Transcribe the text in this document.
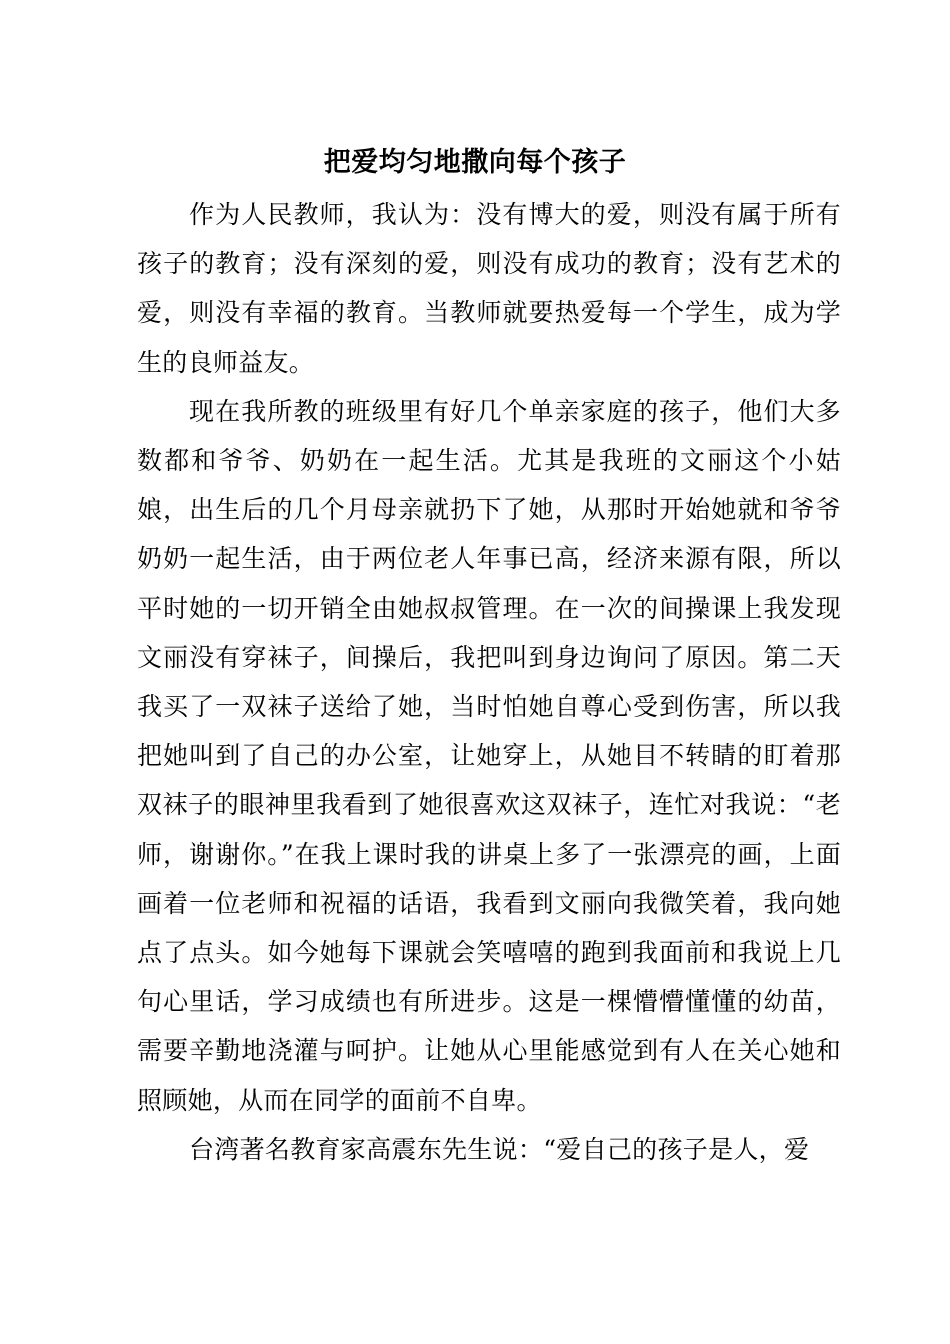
把爱均匀地撒向每个孩子

作为人民教师，我认为：没有博大的爱，则没有属于所有孩子的教育；没有深刻的爱，则没有成功的教育；没有艺术的爱，则没有幸福的教育。当教师就要热爱每一个学生，成为学生的良师益友。

现在我所教的班级里有好几个单亲家庭的孩子，他们大多数都和爷爷、奶奶在一起生活。尤其是我班的文丽这个小姑娘，出生后的几个月母亲就扔下了她，从那时开始她就和爷爷奶奶一起生活，由于两位老人年事已高，经济来源有限，所以平时她的一切开销全由她叔叔管理。在一次的间操课上我发现文丽没有穿袜子，间操后，我把叫到身边询问了原因。第二天我买了一双袜子送给了她，当时怕她自尊心受到伤害，所以我把她叫到了自己的办公室，让她穿上，从她目不转睛的盯着那双袜子的眼神里我看到了她很喜欢这双袜子，连忙对我说：“老师，谢谢你。”在我上课时我的讲桌上多了一张漂亮的画，上面画着一位老师和祝福的话语，我看到文丽向我微笑着，我向她点了点头。如今她每下课就会笑嘻嘻的跑到我面前和我说上几句心里话，学习成绩也有所进步。这是一棵懵懵懂懂的幼苗，需要辛勤地浇灌与呵护。让她从心里能感觉到有人在关心她和照顾她，从而在同学的面前不自卑。

台湾著名教育家高震东先生说：“爱自己的孩子是人，爱
